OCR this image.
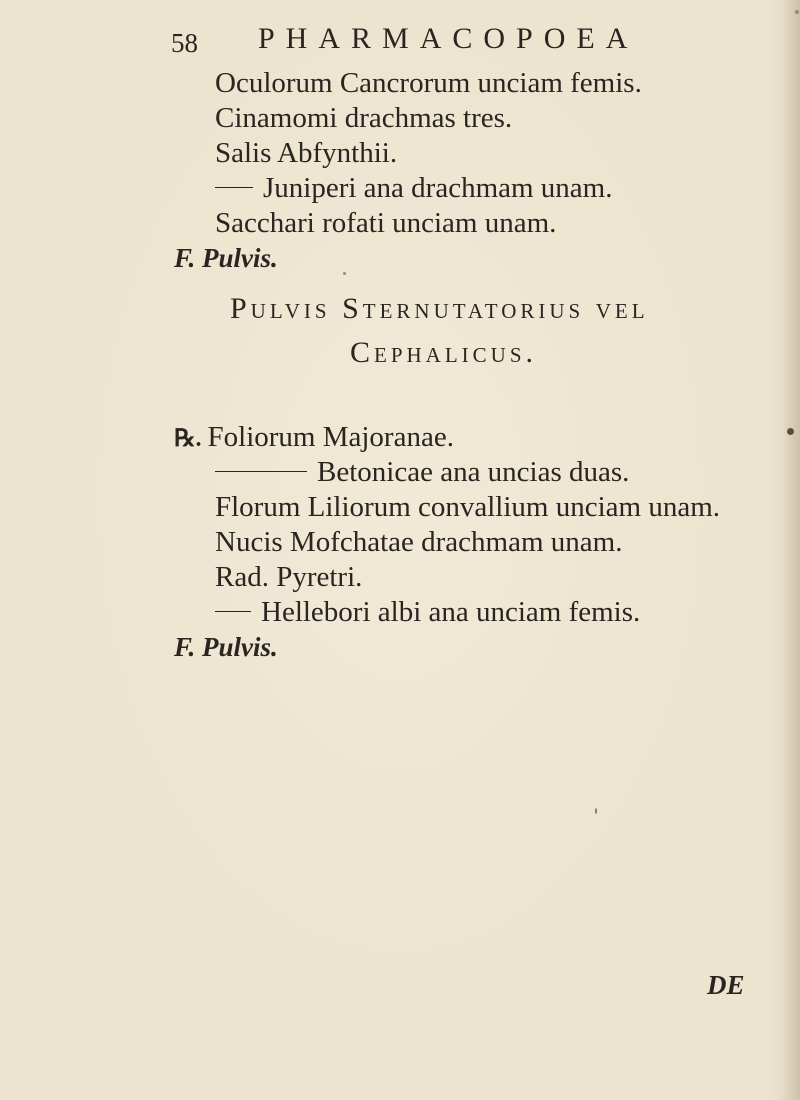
58 PHARMACOPOEA
Oculorum Cancrorum unciam femis.
Cinamomi drachmas tres.
Salis Abfynthii.
Juniperi ana drachmam unam.
Sacchari rofati unciam unam.
F. Pulvis.
Pulvis Sternutatorius vel
Cephalicus.
℞. Foliorum Majoranae.
Betonicae ana uncias duas.
Florum Liliorum convallium unciam unam.
Nucis Mofchatae drachmam unam.
Rad. Pyretri.
Hellebori albi ana unciam femis.
F. Pulvis.
DE
